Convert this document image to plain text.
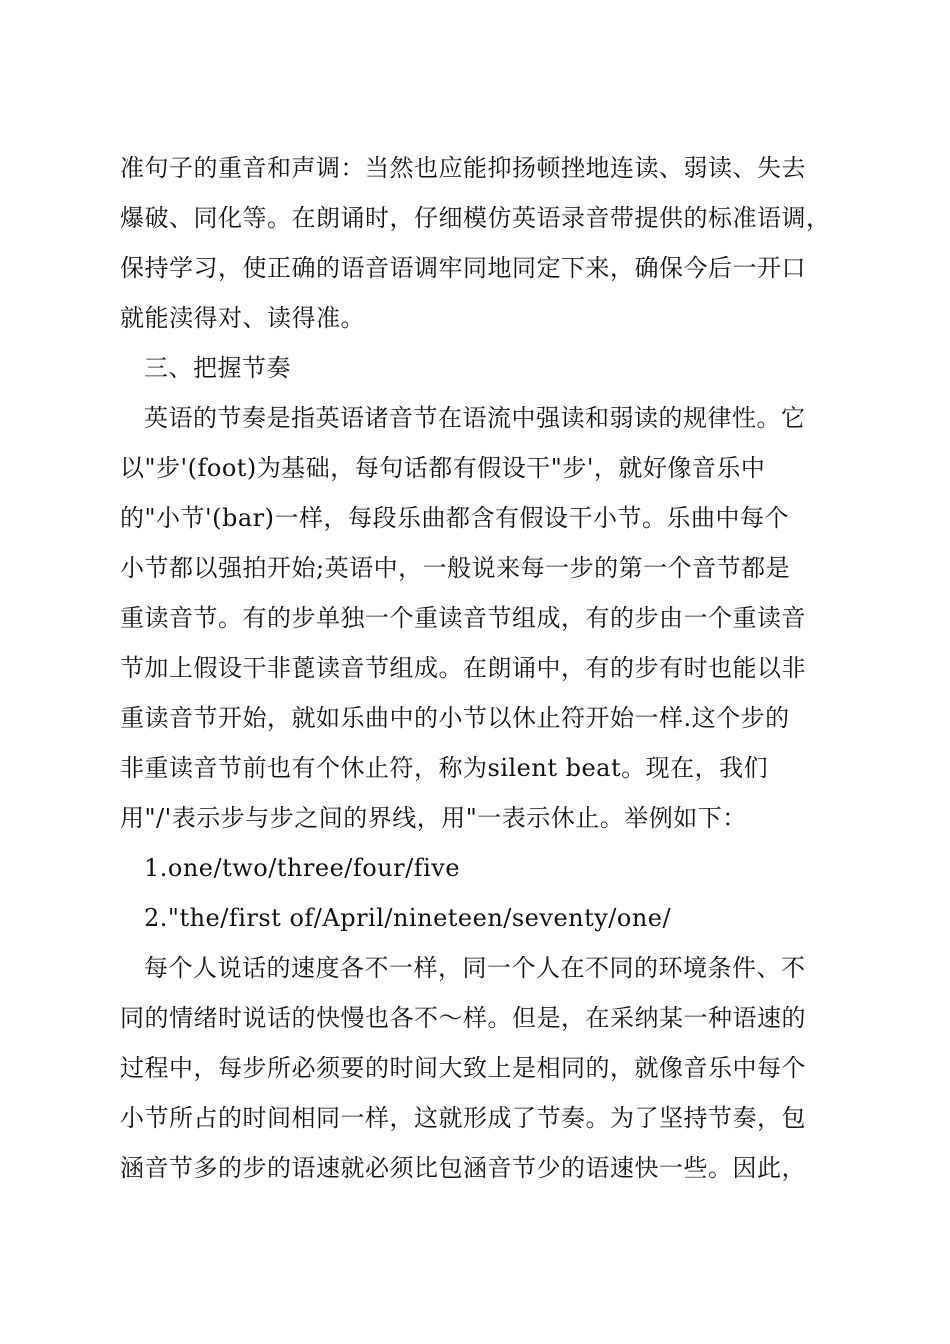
准句子的重音和声调：当然也应能抑扬顿挫地连读、弱读、失去
爆破、同化等。在朗诵时，仔细模仿英语录音带提供的标准语调，
保持学习，使正确的语音语调牢同地同定下来，确保今后一开口
就能渎得对、读得准。
三、把握节奏
英语的节奏是指英语诸音节在语流中强读和弱读的规律性。它
以"步'(foot)为基础，每句话都有假设干"步'，就好像音乐中
的"小节'(bar)一样，每段乐曲都含有假设干小节。乐曲中每个
小节都以强拍开始;英语中，一般说来每一步的第一个音节都是
重读音节。有的步单独一个重读音节组成，有的步由一个重读音
节加上假设干非蓖读音节组成。在朗诵中，有的步有时也能以非
重读音节开始，就如乐曲中的小节以休止符开始一样.这个步的
非重读音节前也有个休止符，称为silent beat。现在，我们
用"/'表示步与步之间的界线，用"一表示休止。举例如下：
1.one/two/three/four/five
2."the/first of/April/nineteen/seventy/one/
每个人说话的速度各不一样，同一个人在不同的环境条件、不
同的情绪时说话的快慢也各不～样。但是，在采纳某一种语速的
过程中，每步所必须要的时间大致上是相同的，就像音乐中每个
小节所占的时间相同一样，这就形成了节奏。为了坚持节奏，包
涵音节多的步的语速就必须比包涵音节少的语速快一些。因此，
